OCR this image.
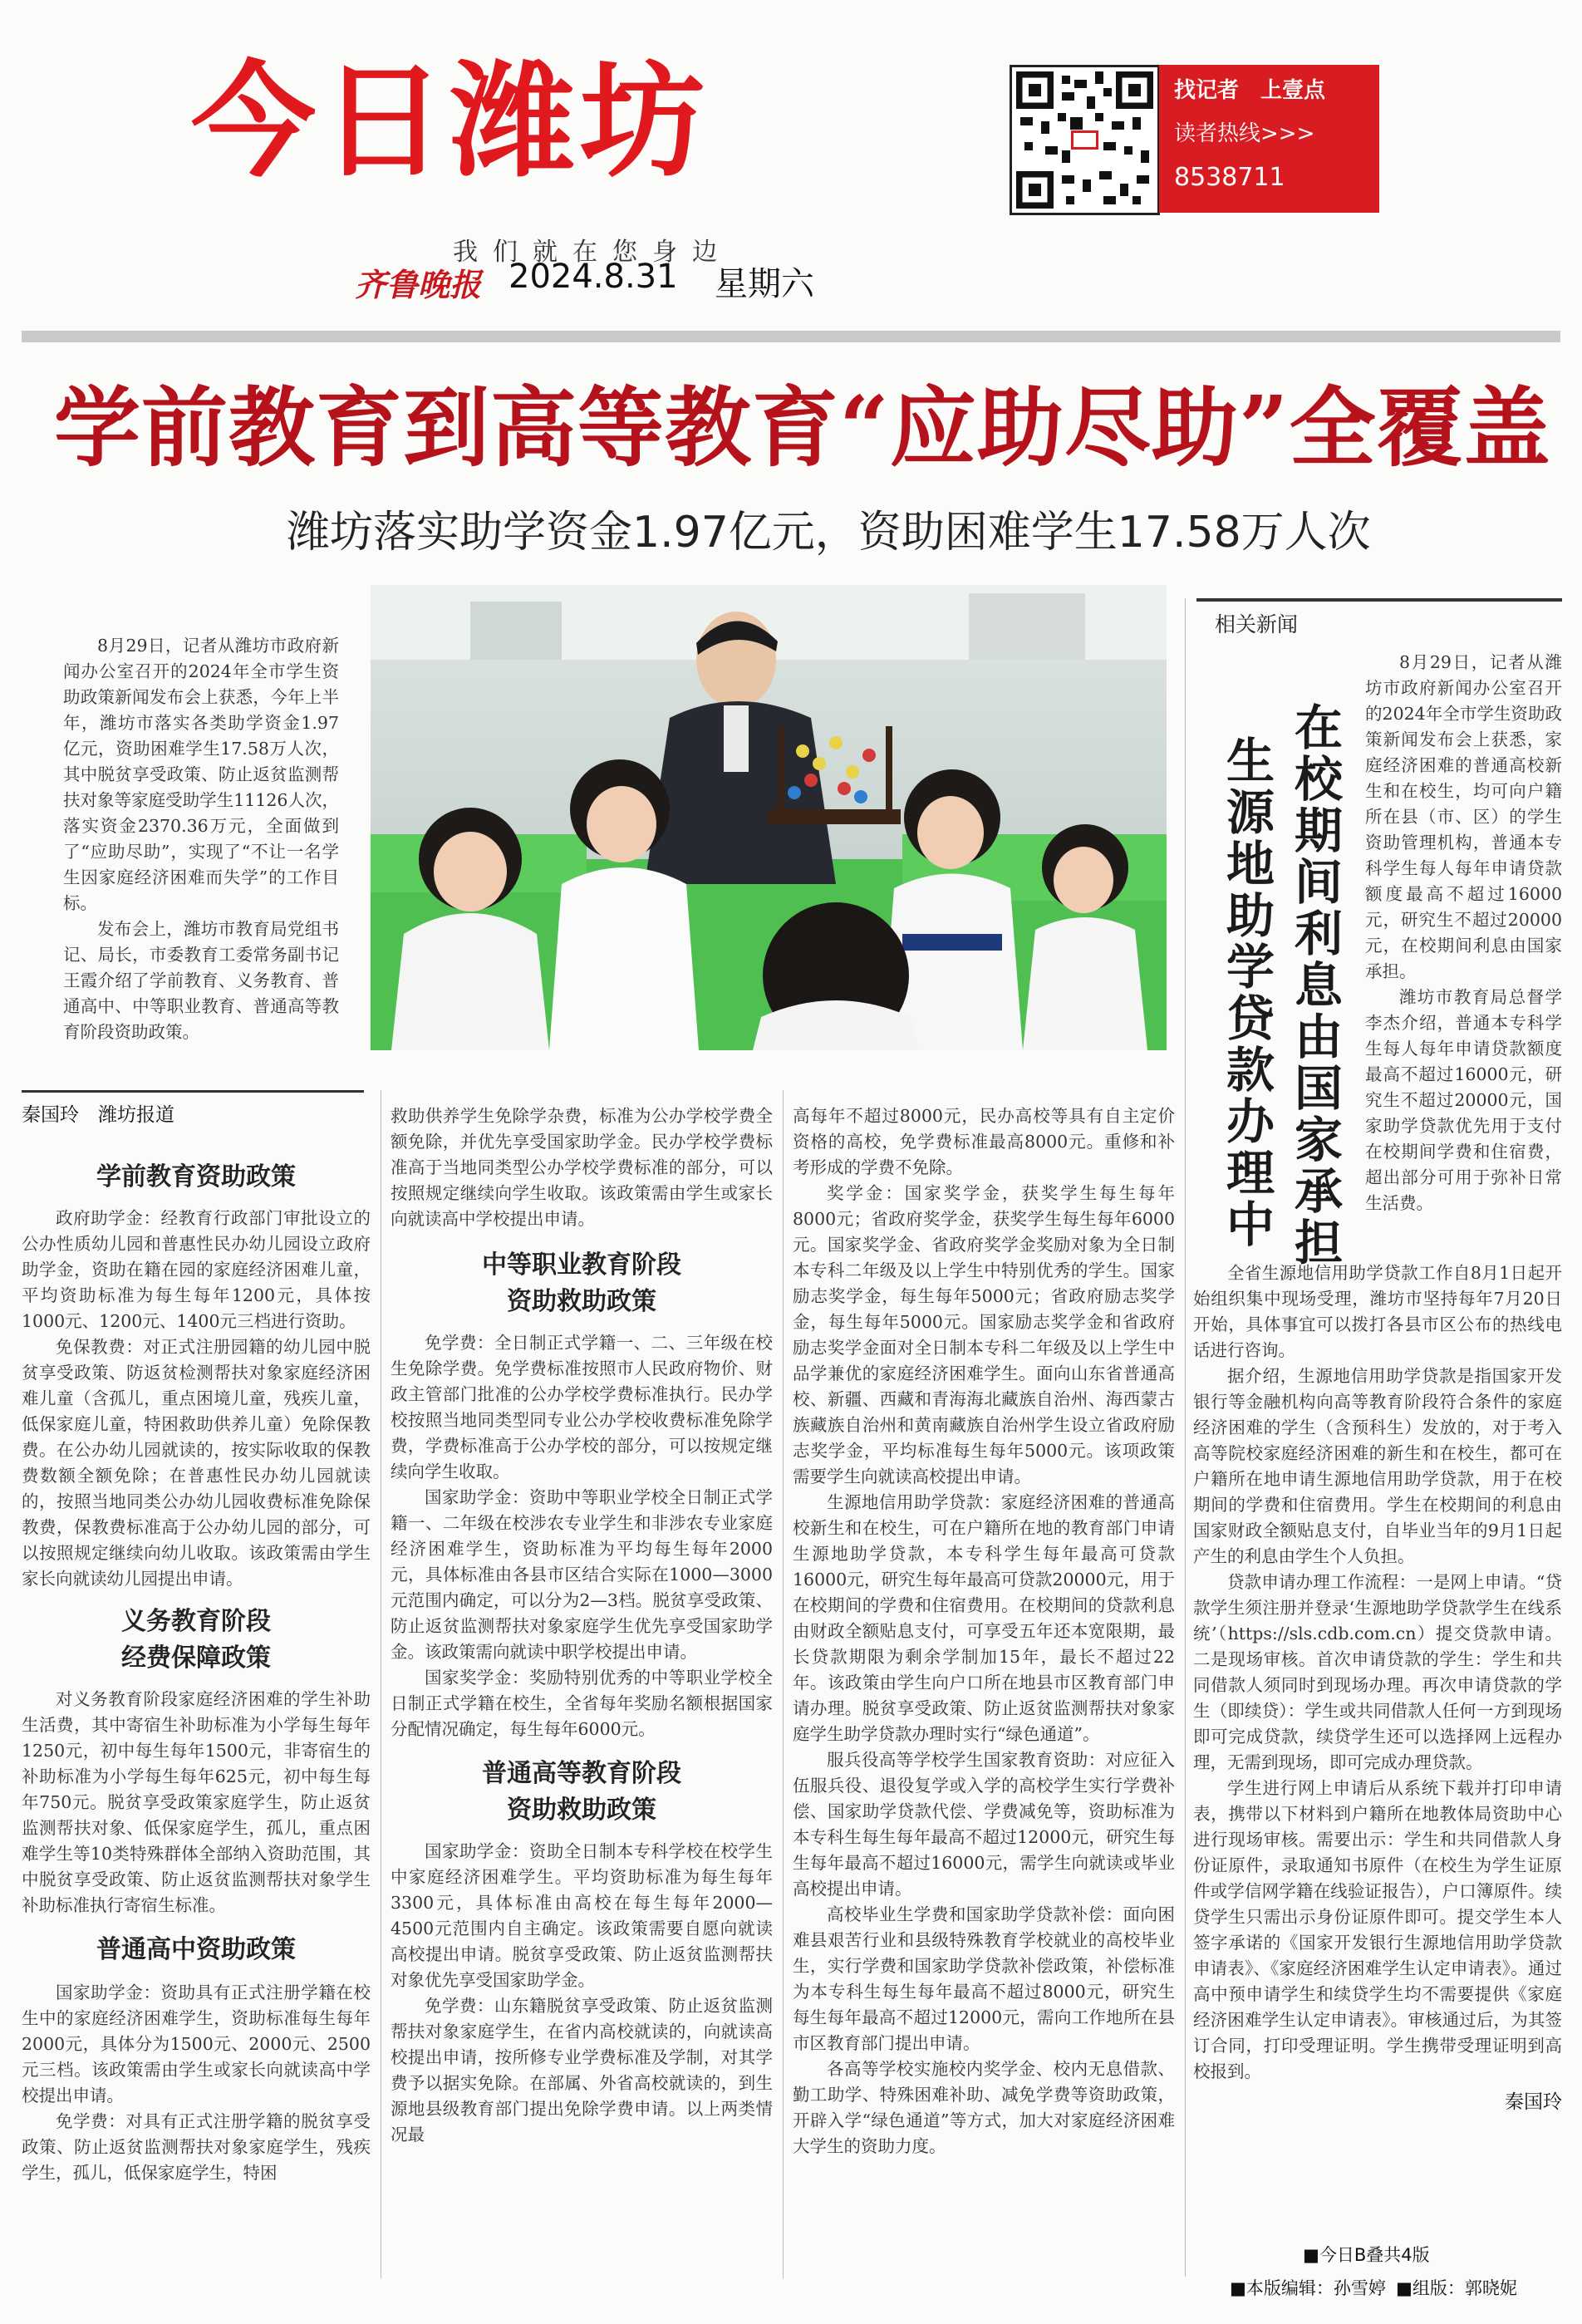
今日潍坊
我们就在您身边
齐鲁晚报 2024.8.31 星期六
找记者　上壹点
读者热线>>>
8538711
学前教育到高等教育“应助尽助”全覆盖
潍坊落实助学资金1.97亿元，资助困难学生17.58万人次

8月29日，记者从潍坊市政府新闻办公室召开的2024年全市学生资助政策新闻发布会上获悉，今年上半年，潍坊市落实各类助学资金1.97亿元，资助困难学生17.58万人次，其中脱贫享受政策、防止返贫监测帮扶对象等家庭受助学生11126人次，落实资金2370.36万元，全面做到了“应助尽助”，实现了“不让一名学生因家庭经济困难而失学”的工作目标。

发布会上，潍坊市教育局党组书记、局长，市委教育工委常务副书记王霞介绍了学前教育、义务教育、普通高中、中等职业教育、普通高等教育阶段资助政策。

相关新闻
在校期间利息由国家承担
生源地助学贷款办理中

8月29日，记者从潍坊市政府新闻办公室召开的2024年全市学生资助政策新闻发布会上获悉，家庭经济困难的普通高校新生和在校生，均可向户籍所在县（市、区）的学生资助管理机构，普通本专科学生每人每年申请贷款额度最高不超过16000元，研究生不超过20000元，在校期间利息由国家承担。

潍坊市教育局总督学李杰介绍，普通本专科学生每人每年申请贷款额度最高不超过16000元，研究生不超过20000元，国家助学贷款优先用于支付在校期间学费和住宿费，超出部分可用于弥补日常生活费。

全省生源地信用助学贷款工作自8月1日起开始组织集中现场受理，潍坊市坚持每年7月20日开始，具体事宜可以拨打各县市区公布的热线电话进行咨询。

据介绍，生源地信用助学贷款是指国家开发银行等金融机构向高等教育阶段符合条件的家庭经济困难的学生（含预科生）发放的，对于考入高等院校家庭经济困难的新生和在校生，都可在户籍所在地申请生源地信用助学贷款，用于在校期间的学费和住宿费用。学生在校期间的利息由国家财政全额贴息支付，自毕业当年的9月1日起产生的利息由学生个人负担。

贷款申请办理工作流程：一是网上申请。“贷款学生须注册并登录‘生源地助学贷款学生在线系统’（https://sls.cdb.com.cn）提交贷款申请。二是现场审核。首次申请贷款的学生：学生和共同借款人须同时到现场办理。再次申请贷款的学生（即续贷）：学生或共同借款人任何一方到现场即可完成贷款，续贷学生还可以选择网上远程办理，无需到现场，即可完成办理贷款。

学生进行网上申请后从系统下载并打印申请表，携带以下材料到户籍所在地教体局资助中心进行现场审核。需要出示：学生和共同借款人身份证原件，录取通知书原件（在校生为学生证原件或学信网学籍在线验证报告），户口簿原件。续贷学生只需出示身份证原件即可。提交学生本人签字承诺的《国家开发银行生源地信用助学贷款申请表》、《家庭经济困难学生认定申请表》。通过高中预申请学生和续贷学生均不需要提供《家庭经济困难学生认定申请表》。审核通过后，为其签订合同，打印受理证明。学生携带受理证明到高校报到。

秦国玲
秦国玲　潍坊报道
学前教育资助政策

政府助学金：经教育行政部门审批设立的公办性质幼儿园和普惠性民办幼儿园设立政府助学金，资助在籍在园的家庭经济困难儿童，平均资助标准为每生每年1200元，具体按1000元、1200元、1400元三档进行资助。

免保教费：对正式注册园籍的幼儿园中脱贫享受政策、防返贫检测帮扶对象家庭经济困难儿童（含孤儿，重点困境儿童，残疾儿童，低保家庭儿童，特困救助供养儿童）免除保教费。在公办幼儿园就读的，按实际收取的保教费数额全额免除；在普惠性民办幼儿园就读的，按照当地同类公办幼儿园收费标准免除保教费，保教费标准高于公办幼儿园的部分，可以按照规定继续向幼儿收取。该政策需由学生家长向就读幼儿园提出申请。

义务教育阶段
经费保障政策

对义务教育阶段家庭经济困难的学生补助生活费，其中寄宿生补助标准为小学每生每年1250元，初中每生每年1500元，非寄宿生的补助标准为小学每生每年625元，初中每生每年750元。脱贫享受政策家庭学生，防止返贫监测帮扶对象、低保家庭学生，孤儿，重点困难学生等10类特殊群体全部纳入资助范围，其中脱贫享受政策、防止返贫监测帮扶对象学生补助标准执行寄宿生标准。

普通高中资助政策

国家助学金：资助具有正式注册学籍在校生中的家庭经济困难学生，资助标准每生每年2000元，具体分为1500元、2000元、2500元三档。该政策需由学生或家长向就读高中学校提出申请。

免学费：对具有正式注册学籍的脱贫享受政策、防止返贫监测帮扶对象家庭学生，残疾学生，孤儿，低保家庭学生，特困

救助供养学生免除学杂费，标准为公办学校学费全额免除，并优先享受国家助学金。民办学校学费标准高于当地同类型公办学校学费标准的部分，可以按照规定继续向学生收取。该政策需由学生或家长向就读高中学校提出申请。

中等职业教育阶段
资助救助政策

免学费：全日制正式学籍一、二、三年级在校生免除学费。免学费标准按照市人民政府物价、财政主管部门批准的公办学校学费标准执行。民办学校按照当地同类型同专业公办学校收费标准免除学费，学费标准高于公办学校的部分，可以按规定继续向学生收取。

国家助学金：资助中等职业学校全日制正式学籍一、二年级在校涉农专业学生和非涉农专业家庭经济困难学生，资助标准为平均每生每年2000元，具体标准由各县市区结合实际在1000—3000元范围内确定，可以分为2—3档。脱贫享受政策、防止返贫监测帮扶对象家庭学生优先享受国家助学金。该政策需向就读中职学校提出申请。

国家奖学金：奖励特别优秀的中等职业学校全日制正式学籍在校生，全省每年奖励名额根据国家分配情况确定，每生每年6000元。

普通高等教育阶段
资助救助政策

国家助学金：资助全日制本专科学校在校学生中家庭经济困难学生。平均资助标准为每生每年3300元，具体标准由高校在每生每年2000—4500元范围内自主确定。该政策需要自愿向就读高校提出申请。脱贫享受政策、防止返贫监测帮扶对象优先享受国家助学金。

免学费：山东籍脱贫享受政策、防止返贫监测帮扶对象家庭学生，在省内高校就读的，向就读高校提出申请，按所修专业学费标准及学制，对其学费予以据实免除。在部属、外省高校就读的，到生源地县级教育部门提出免除学费申请。以上两类情况最

高每年不超过8000元，民办高校等具有自主定价资格的高校，免学费标准最高8000元。重修和补考形成的学费不免除。

奖学金：国家奖学金，获奖学生每生每年8000元；省政府奖学金，获奖学生每生每年6000元。国家奖学金、省政府奖学金奖励对象为全日制本专科二年级及以上学生中特别优秀的学生。国家励志奖学金，每生每年5000元；省政府励志奖学金，每生每年5000元。国家励志奖学金和省政府励志奖学金面对全日制本专科二年级及以上学生中品学兼优的家庭经济困难学生。面向山东省普通高校、新疆、西藏和青海海北藏族自治州、海西蒙古族藏族自治州和黄南藏族自治州学生设立省政府励志奖学金，平均标准每生每年5000元。该项政策需要学生向就读高校提出申请。

生源地信用助学贷款：家庭经济困难的普通高校新生和在校生，可在户籍所在地的教育部门申请生源地助学贷款，本专科学生每年最高可贷款16000元，研究生每年最高可贷款20000元，用于在校期间的学费和住宿费用。在校期间的贷款利息由财政全额贴息支付，可享受五年还本宽限期，最长贷款期限为剩余学制加15年，最长不超过22年。该政策由学生向户口所在地县市区教育部门申请办理。脱贫享受政策、防止返贫监测帮扶对象家庭学生助学贷款办理时实行“绿色通道”。

服兵役高等学校学生国家教育资助：对应征入伍服兵役、退役复学或入学的高校学生实行学费补偿、国家助学贷款代偿、学费减免等，资助标准为本专科生每生每年最高不超过12000元，研究生每生每年最高不超过16000元，需学生向就读或毕业高校提出申请。

高校毕业生学费和国家助学贷款补偿：面向困难县艰苦行业和县级特殊教育学校就业的高校毕业生，实行学费和国家助学贷款补偿政策，补偿标准为本专科生每生每年最高不超过8000元，研究生每生每年最高不超过12000元，需向工作地所在县市区教育部门提出申请。

各高等学校实施校内奖学金、校内无息借款、勤工助学、特殊困难补助、减免学费等资助政策，开辟入学“绿色通道”等方式，加大对家庭经济困难大学生的资助力度。

■今日B叠共4版
■本版编辑：孙雪婷 ■组版：郭晓妮
